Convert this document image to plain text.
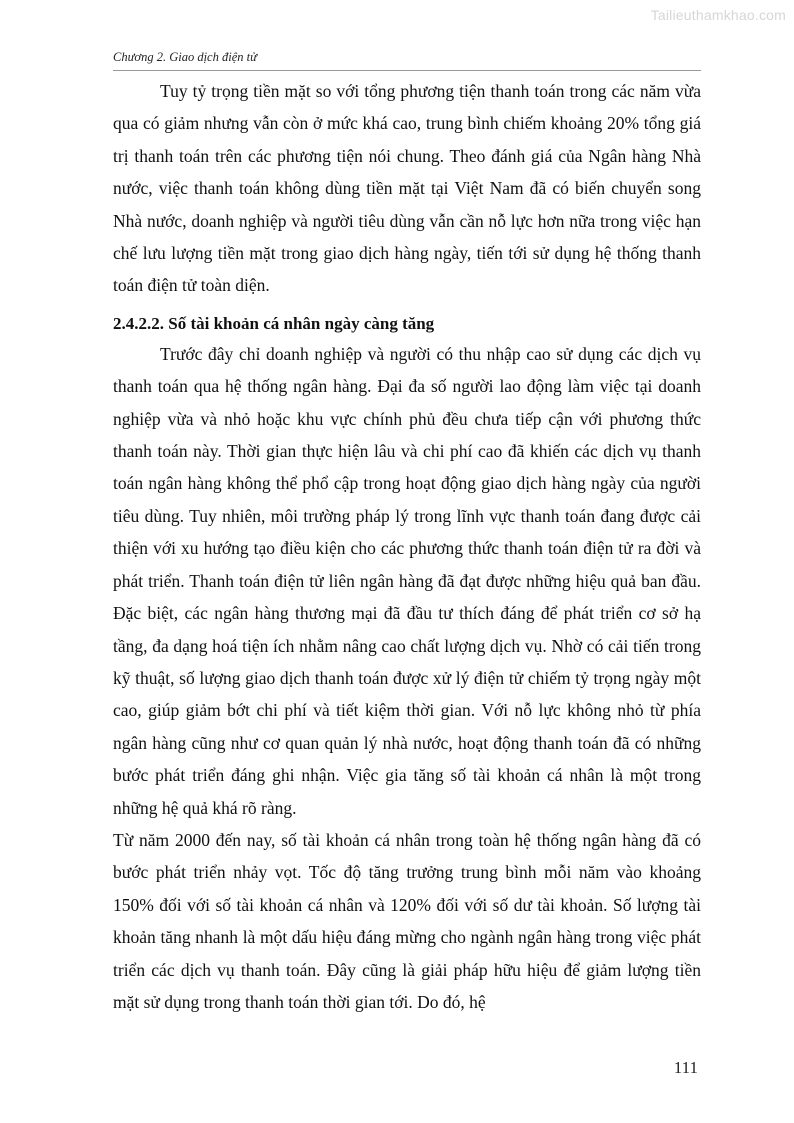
Tailieuthamkhao.com
Chương 2. Giao dịch điện tử

Tuy tỷ trọng tiền mặt so với tổng phương tiện thanh toán trong các năm vừa qua có giảm nhưng vẫn còn ở mức khá cao, trung bình chiếm khoảng 20% tổng giá trị thanh toán trên các phương tiện nói chung. Theo đánh giá của Ngân hàng Nhà nước, việc thanh toán không dùng tiền mặt tại Việt Nam đã có biến chuyển song Nhà nước, doanh nghiệp và người tiêu dùng vẫn cần nỗ lực hơn nữa trong việc hạn chế lưu lượng tiền mặt trong giao dịch hàng ngày, tiến tới sử dụng hệ thống thanh toán điện tử toàn diện.

2.4.2.2. Số tài khoản cá nhân ngày càng tăng

Trước đây chỉ doanh nghiệp và người có thu nhập cao sử dụng các dịch vụ thanh toán qua hệ thống ngân hàng. Đại đa số người lao động làm việc tại doanh nghiệp vừa và nhỏ hoặc khu vực chính phủ đều chưa tiếp cận với phương thức thanh toán này. Thời gian thực hiện lâu và chi phí cao đã khiến các dịch vụ thanh toán ngân hàng không thể phổ cập trong hoạt động giao dịch hàng ngày của người tiêu dùng. Tuy nhiên, môi trường pháp lý trong lĩnh vực thanh toán đang được cải thiện với xu hướng tạo điều kiện cho các phương thức thanh toán điện tử ra đời và phát triển. Thanh toán điện tử liên ngân hàng đã đạt được những hiệu quả ban đầu. Đặc biệt, các ngân hàng thương mại đã đầu tư thích đáng để phát triển cơ sở hạ tầng, đa dạng hoá tiện ích nhằm nâng cao chất lượng dịch vụ. Nhờ có cải tiến trong kỹ thuật, số lượng giao dịch thanh toán được xử lý điện tử chiếm tỷ trọng ngày một cao, giúp giảm bớt chi phí và tiết kiệm thời gian. Với nỗ lực không nhỏ từ phía ngân hàng cũng như cơ quan quản lý nhà nước, hoạt động thanh toán đã có những bước phát triển đáng ghi nhận. Việc gia tăng số tài khoản cá nhân là một trong những hệ quả khá rõ ràng.

Từ năm 2000 đến nay, số tài khoản cá nhân trong toàn hệ thống ngân hàng đã có bước phát triển nhảy vọt. Tốc độ tăng trưởng trung bình mỗi năm vào khoảng 150% đối với số tài khoản cá nhân và 120% đối với số dư tài khoản. Số lượng tài khoản tăng nhanh là một dấu hiệu đáng mừng cho ngành ngân hàng trong việc phát triển các dịch vụ thanh toán. Đây cũng là giải pháp hữu hiệu để giảm lượng tiền mặt sử dụng trong thanh toán thời gian tới. Do đó, hệ

111
